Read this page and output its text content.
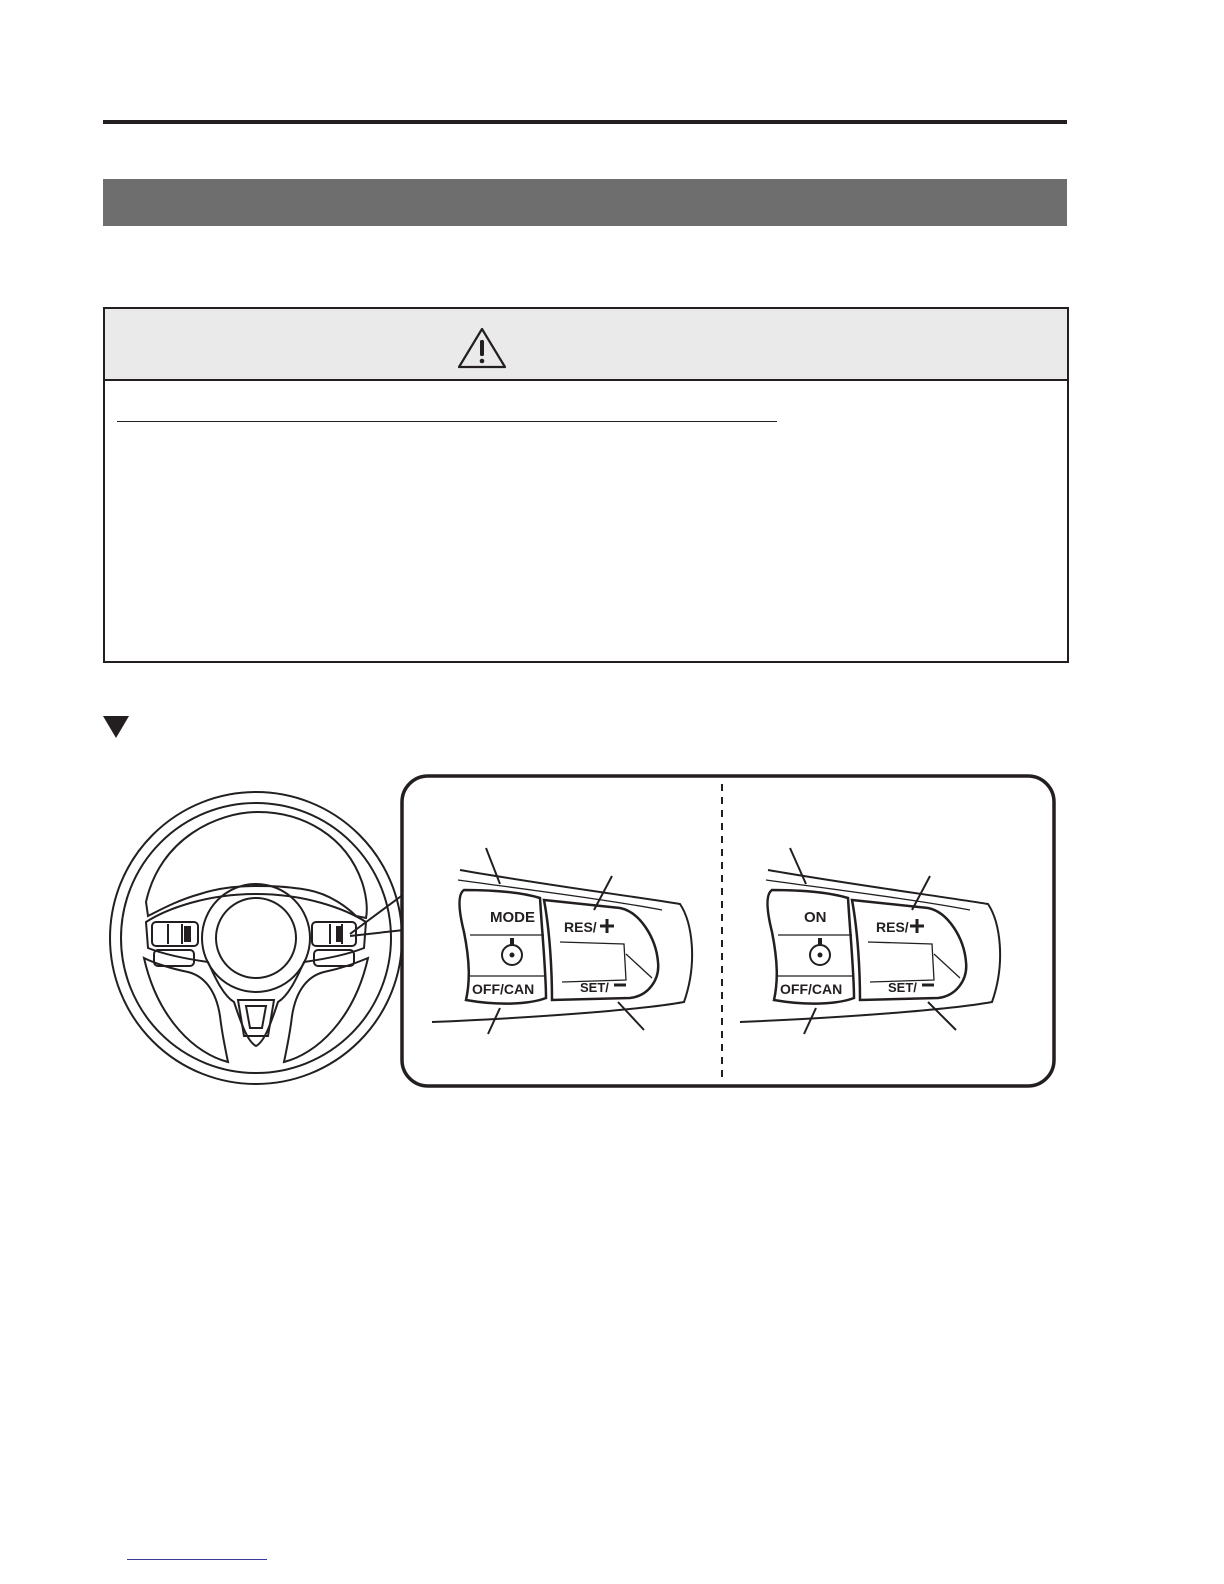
MODE
RES/
SET/
OFF/CAN
ON
RES/
SET/
OFF/CAN
